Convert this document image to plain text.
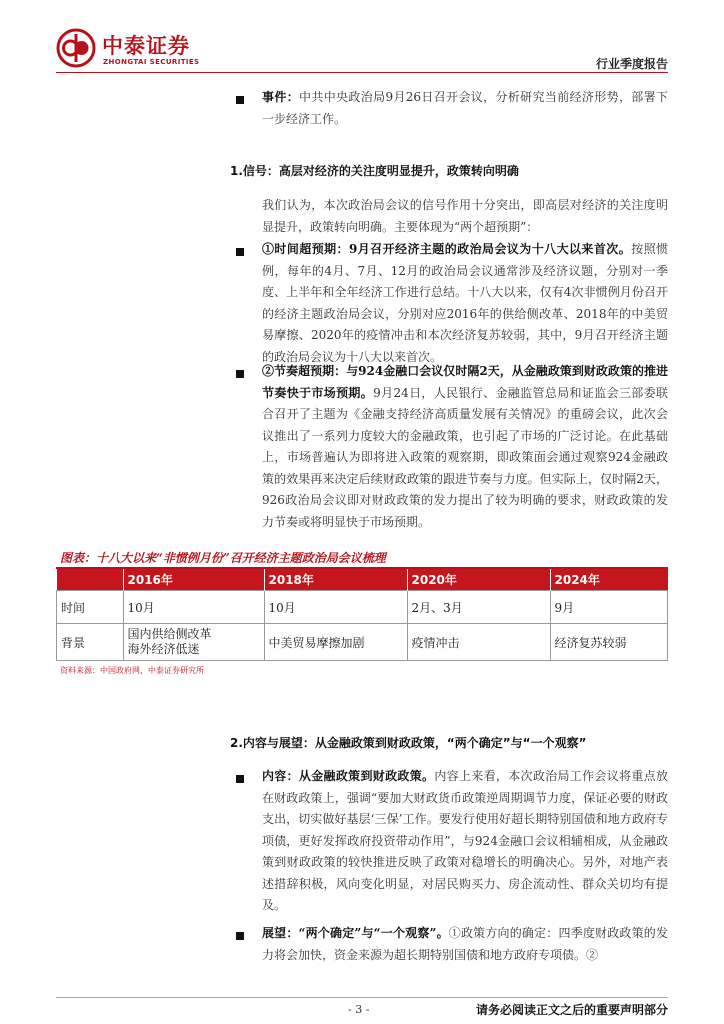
中泰证券
ZHONGTAI SECURITIES	行业季度报告

事件：中共中央政治局9月26日召开会议，分析研究当前经济形势，部署下一步经济工作。

1.信号：高层对经济的关注度明显提升，政策转向明确

我们认为，本次政治局会议的信号作用十分突出，即高层对经济的关注度明显提升，政策转向明确。主要体现为“两个超预期”：

①时间超预期：9月召开经济主题的政治局会议为十八大以来首次。按照惯例，每年的4月、7月、12月的政治局会议通常涉及经济议题，分别对一季度、上半年和全年经济工作进行总结。十八大以来，仅有4次非惯例月份召开的经济主题政治局会议，分别对应2016年的供给侧改革、2018年的中美贸易摩擦、2020年的疫情冲击和本次经济复苏较弱，其中，9月召开经济主题的政治局会议为十八大以来首次。

②节奏超预期：与924金融口会议仅时隔2天，从金融政策到财政政策的推进节奏快于市场预期。9月24日，人民银行、金融监管总局和证监会三部委联合召开了主题为《金融支持经济高质量发展有关情况》的重磅会议，此次会议推出了一系列力度较大的金融政策，也引起了市场的广泛讨论。在此基础上，市场普遍认为即将进入政策的观察期，即政策面会通过观察924金融政策的效果再来决定后续财政政策的跟进节奏与力度。但实际上，仅时隔2天，926政治局会议即对财政政策的发力提出了较为明确的要求，财政政策的发力节奏或将明显快于市场预期。

图表：十八大以来“非惯例月份”召开经济主题政治局会议梳理
	2016年	2018年	2020年	2024年
时间	10月	10月	2月、3月	9月
背景	国内供给侧改革
海外经济低迷	中美贸易摩擦加剧	疫情冲击	经济复苏较弱
资料来源：中国政府网，中泰证券研究所
2.内容与展望：从金融政策到财政政策，“两个确定”与“一个观察”

内容：从金融政策到财政政策。内容上来看，本次政治局工作会议将重点放在财政政策上，强调“要加大财政货币政策逆周期调节力度，保证必要的财政支出，切实做好基层‘三保’工作。要发行使用好超长期特别国债和地方政府专项债，更好发挥政府投资带动作用”，与924金融口会议相辅相成，从金融政策到财政政策的较快推进反映了政策对稳增长的明确决心。另外，对地产表述措辞积极，风向变化明显，对居民购买力、房企流动性、群众关切均有提及。

展望：“两个确定”与“一个观察”。①政策方向的确定：四季度财政政策的发力将会加快，资金来源为超长期特别国债和地方政府专项债。②

- 3 -	请务必阅读正文之后的重要声明部分
